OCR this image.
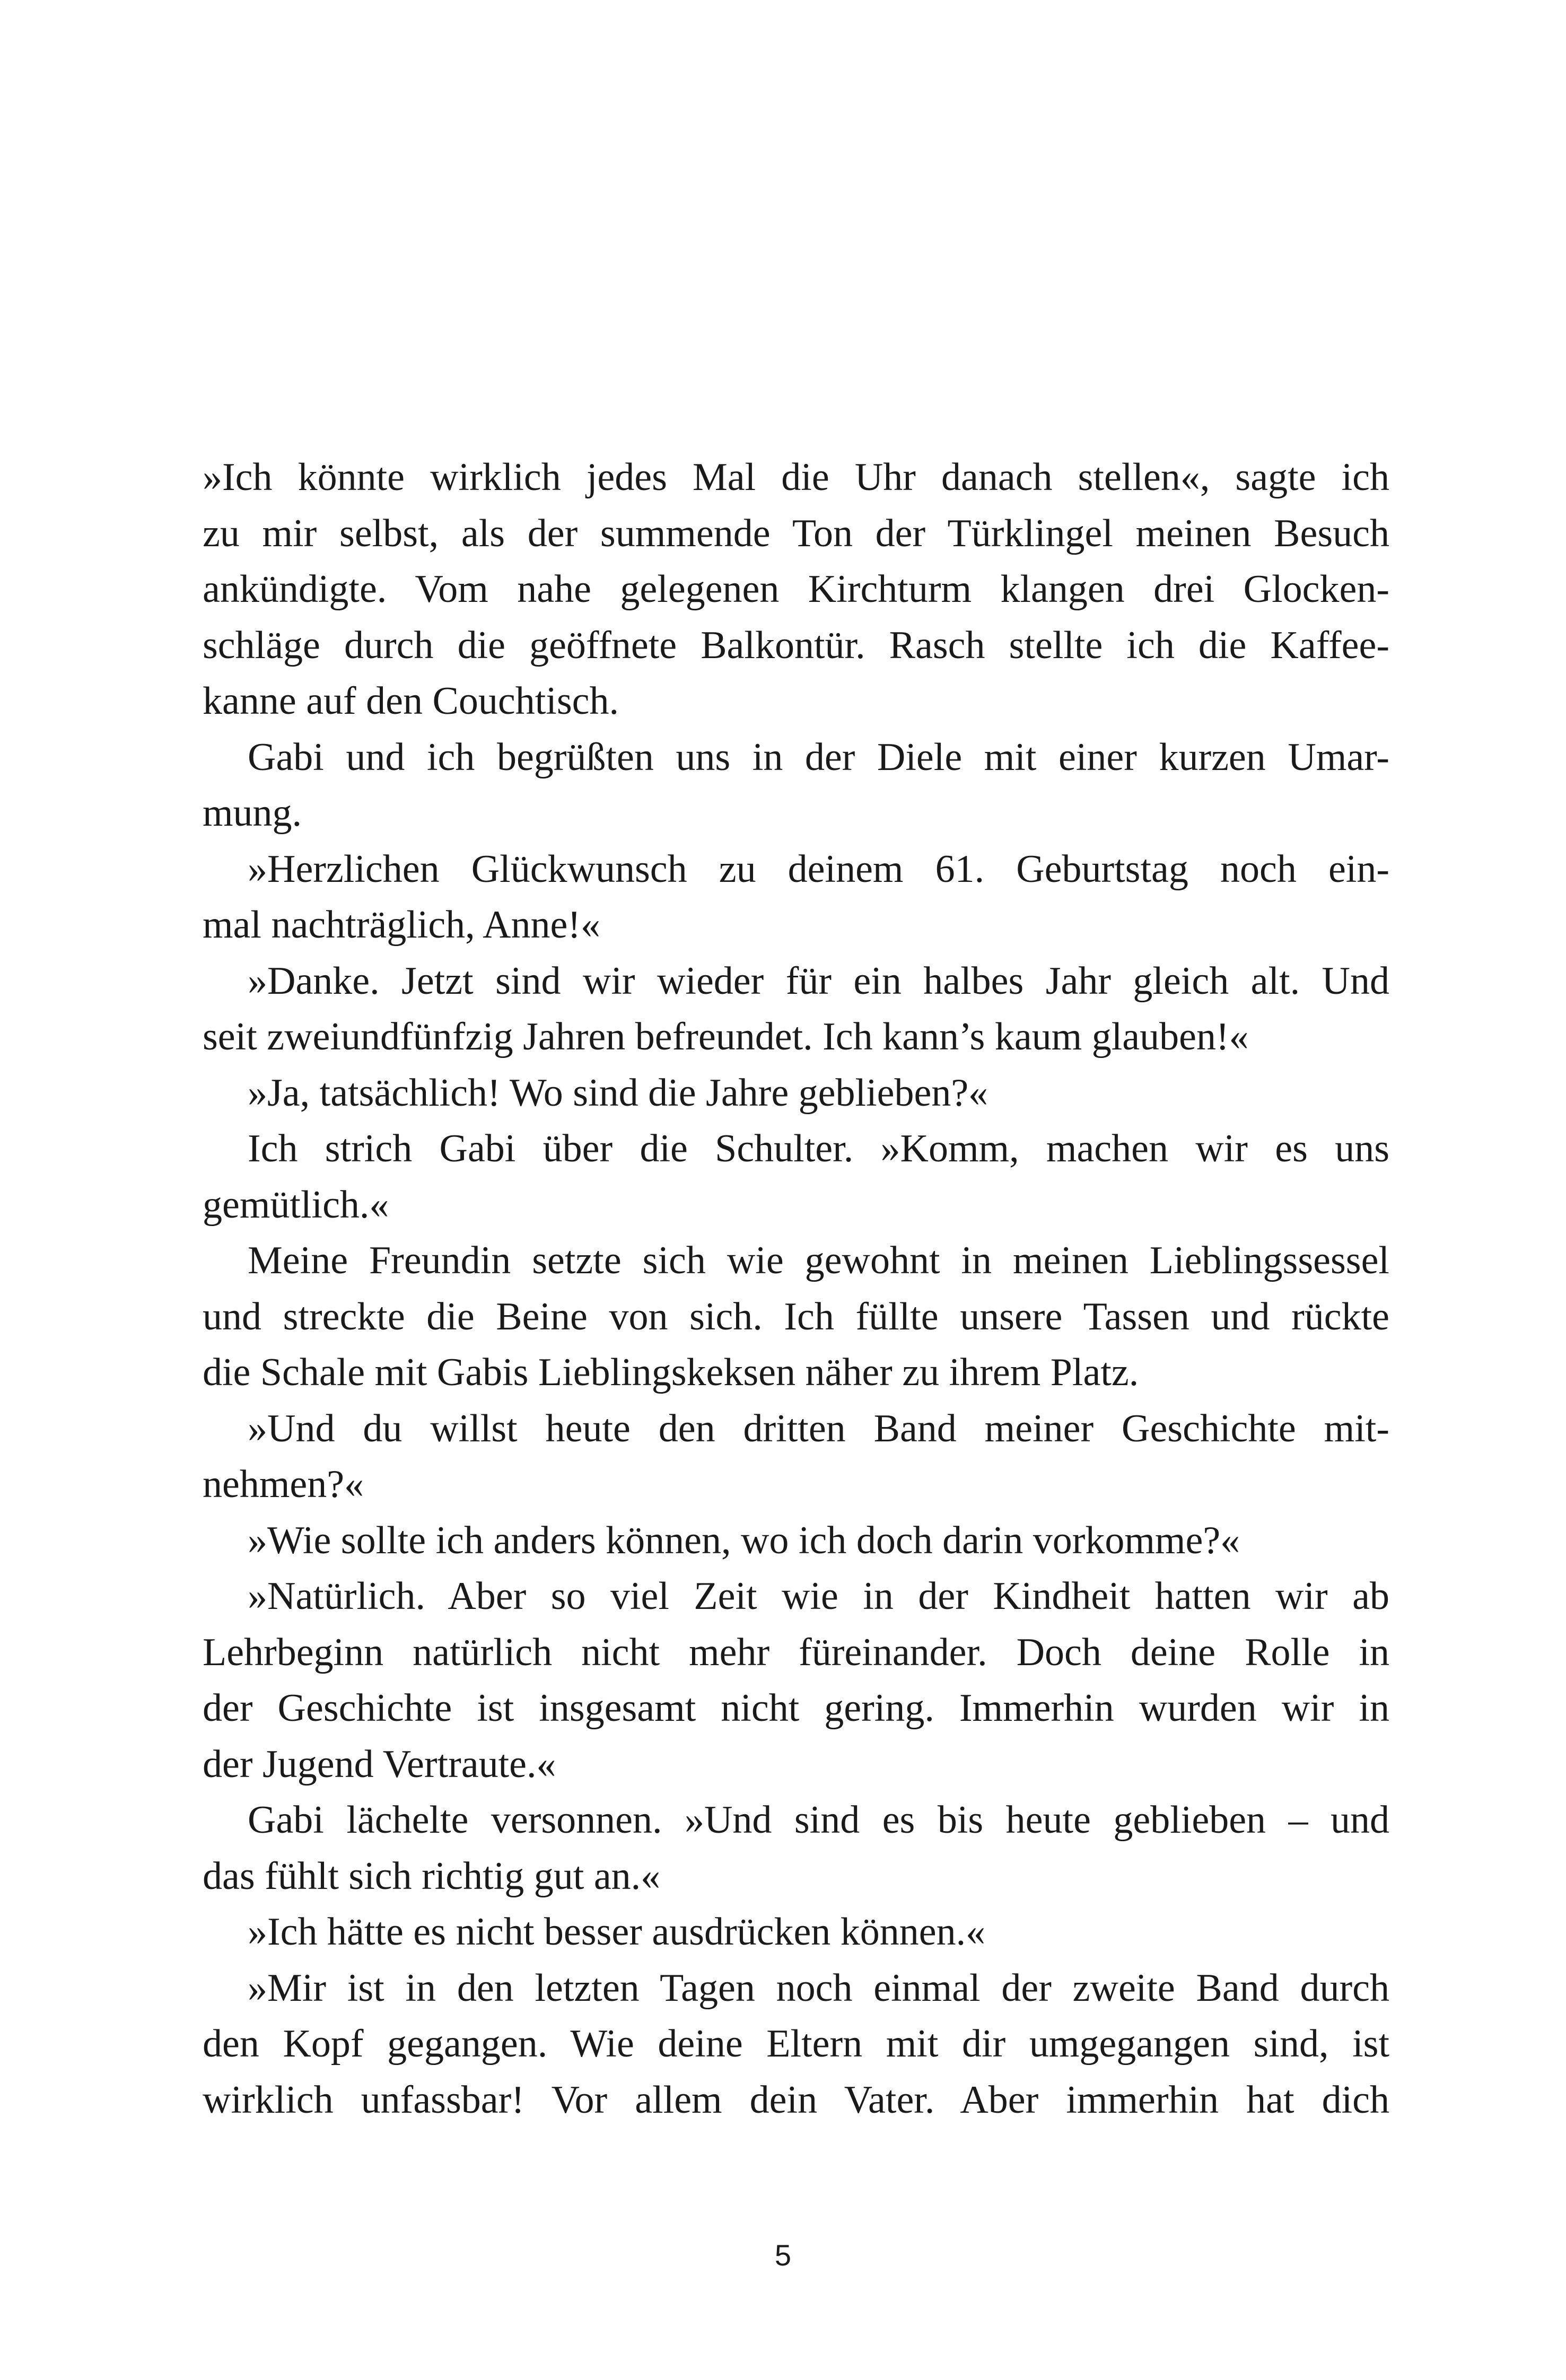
»Ich könnte wirklich jedes Mal die Uhr danach stellen«, sagte ich
zu mir selbst, als der summende Ton der Türklingel meinen Besuch
ankündigte. Vom nahe gelegenen Kirchturm klangen drei Glocken-
schläge durch die geöffnete Balkontür. Rasch stellte ich die Kaffee-
kanne auf den Couchtisch.
Gabi und ich begrüßten uns in der Diele mit einer kurzen Umar-
mung.
»Herzlichen Glückwunsch zu deinem 61. Geburtstag noch ein-
mal nachträglich, Anne!«
»Danke. Jetzt sind wir wieder für ein halbes Jahr gleich alt. Und
seit zweiundfünfzig Jahren befreundet. Ich kann’s kaum glauben!«
»Ja, tatsächlich! Wo sind die Jahre geblieben?«
Ich strich Gabi über die Schulter. »Komm, machen wir es uns
gemütlich.«
Meine Freundin setzte sich wie gewohnt in meinen Lieblingssessel
und streckte die Beine von sich. Ich füllte unsere Tassen und rückte
die Schale mit Gabis Lieblingskeksen näher zu ihrem Platz.
»Und du willst heute den dritten Band meiner Geschichte mit-
nehmen?«
»Wie sollte ich anders können, wo ich doch darin vorkomme?«
»Natürlich. Aber so viel Zeit wie in der Kindheit hatten wir ab
Lehrbeginn natürlich nicht mehr füreinander. Doch deine Rolle in
der Geschichte ist insgesamt nicht gering. Immerhin wurden wir in
der Jugend Vertraute.«
Gabi lächelte versonnen. »Und sind es bis heute geblieben – und
das fühlt sich richtig gut an.«
»Ich hätte es nicht besser ausdrücken können.«
»Mir ist in den letzten Tagen noch einmal der zweite Band durch
den Kopf gegangen. Wie deine Eltern mit dir umgegangen sind, ist
wirklich unfassbar! Vor allem dein Vater. Aber immerhin hat dich
5
